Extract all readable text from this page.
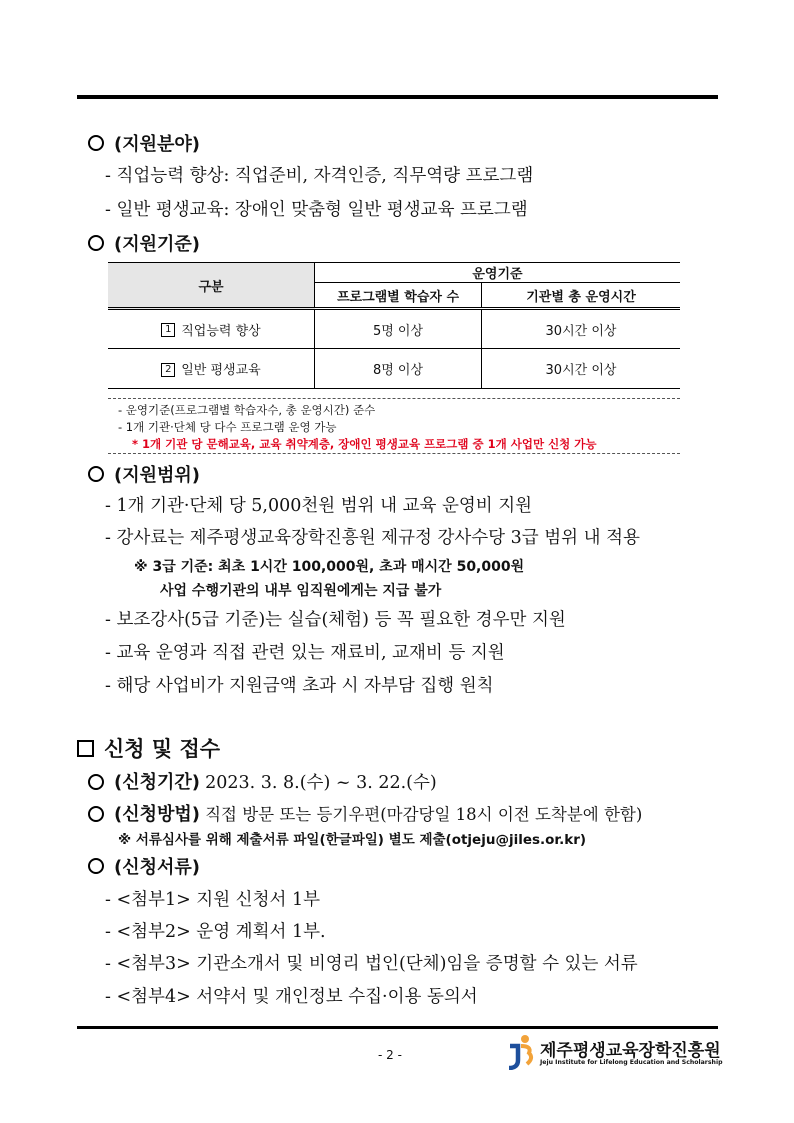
(지원분야)
- 직업능력 향상: 직업준비, 자격인증, 직무역량 프로그램
- 일반 평생교육: 장애인 맞춤형 일반 평생교육 프로그램
(지원기준)
구분	운영기준	
	프로그램별 학습자 수	기관별 총 운영시간
1 직업능력 향상	5명 이상	30시간 이상
2 일반 평생교육	8명 이상	30시간 이상
- 운영기준(프로그램별 학습자수, 총 운영시간) 준수
- 1개 기관·단체 당 다수 프로그램 운영 가능
* 1개 기관 당 문해교육, 교육 취약계층, 장애인 평생교육 프로그램 중 1개 사업만 신청 가능
(지원범위)
- 1개 기관·단체 당 5,000천원 범위 내 교육 운영비 지원
- 강사료는 제주평생교육장학진흥원 제규정 강사수당 3급 범위 내 적용
※ 3급 기준: 최초 1시간 100,000원, 초과 매시간 50,000원
사업 수행기관의 내부 임직원에게는 지급 불가
- 보조강사(5급 기준)는 실습(체험) 등 꼭 필요한 경우만 지원
- 교육 운영과 직접 관련 있는 재료비, 교재비 등 지원
- 해당 사업비가 지원금액 초과 시 자부담 집행 원칙
신청 및 접수
(신청기간) 2023. 3. 8.(수) ~ 3. 22.(수)
(신청방법) 직접 방문 또는 등기우편(마감당일 18시 이전 도착분에 한함)
※ 서류심사를 위해 제출서류 파일(한글파일) 별도 제출(otjeju@jiles.or.kr)
(신청서류)
- <첨부1> 지원 신청서 1부
- <첨부2> 운영 계획서 1부.
- <첨부3> 기관소개서 및 비영리 법인(단체)임을 증명할 수 있는 서류
- <첨부4> 서약서 및 개인정보 수집·이용 동의서
- 2 -	제주평생교육장학진흥원
Jeju Institute for Lifelong Education and Scholarship
